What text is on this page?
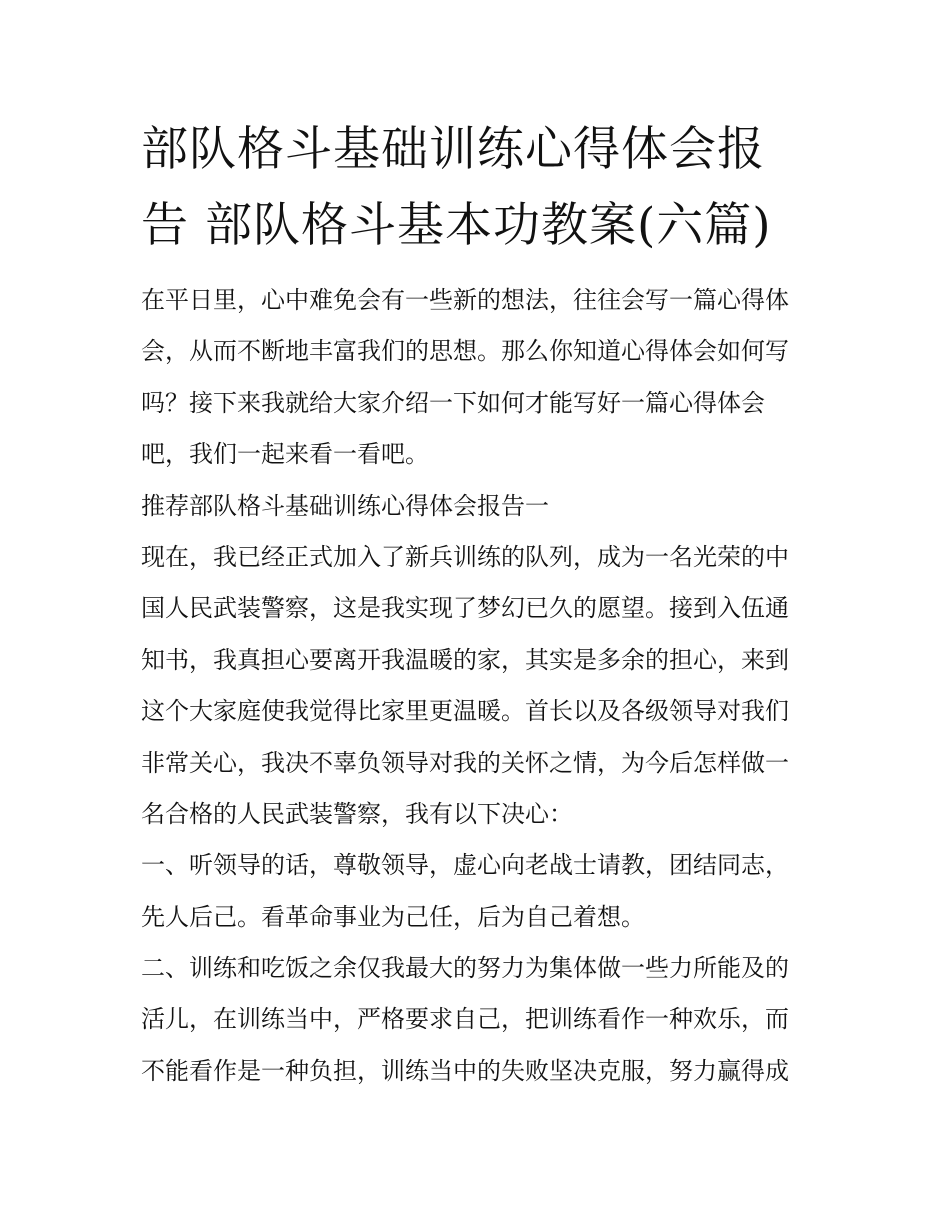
部队格斗基础训练心得体会报
告 部队格斗基本功教案(六篇)
在平日里，心中难免会有一些新的想法，往往会写一篇心得体
会，从而不断地丰富我们的思想。那么你知道心得体会如何写
吗？接下来我就给大家介绍一下如何才能写好一篇心得体会
吧，我们一起来看一看吧。
推荐部队格斗基础训练心得体会报告一
现在，我已经正式加入了新兵训练的队列，成为一名光荣的中
国人民武装警察，这是我实现了梦幻已久的愿望。接到入伍通
知书，我真担心要离开我温暖的家，其实是多余的担心，来到
这个大家庭使我觉得比家里更温暖。首长以及各级领导对我们
非常关心，我决不辜负领导对我的关怀之情，为今后怎样做一
名合格的人民武装警察，我有以下决心：
一、听领导的话，尊敬领导，虚心向老战士请教，团结同志，
先人后己。看革命事业为己任，后为自己着想。
二、训练和吃饭之余仅我最大的努力为集体做一些力所能及的
活儿，在训练当中，严格要求自己，把训练看作一种欢乐，而
不能看作是一种负担，训练当中的失败坚决克服，努力赢得成
